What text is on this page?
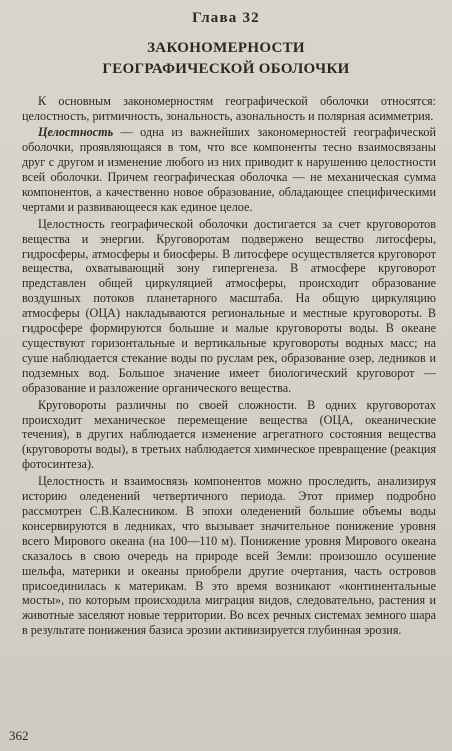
Глава 32
ЗАКОНОМЕРНОСТИ
ГЕОГРАФИЧЕСКОЙ ОБОЛОЧКИ

К основным закономерностям географической оболочки относятся: целостность, ритмичность, зональность, азональность и полярная асимметрия.

Целостность — одна из важнейших закономерностей географической оболочки, проявляющаяся в том, что все компоненты тесно взаимосвязаны друг с другом и изменение любого из них приводит к нарушению целостности всей оболочки. Причем географическая оболочка — не механическая сумма компонентов, а качественно новое образование, обладающее специфическими чертами и развивающееся как единое целое.

Целостность географической оболочки достигается за счет круговоротов вещества и энергии. Круговоротам подвержено вещество литосферы, гидросферы, атмосферы и биосферы. В литосфере осуществляется круговорот вещества, охватывающий зону гипергенеза. В атмосфере круговорот представлен общей циркуляцией атмосферы, происходит образование воздушных потоков планетарного масштаба. На общую циркуляцию атмосферы (ОЦА) накладываются региональные и местные круговороты. В гидросфере формируются большие и малые круговороты воды. В океане существуют горизонтальные и вертикальные круговороты водных масс; на суше наблюдается стекание воды по руслам рек, образование озер, ледников и подземных вод. Большое значение имеет биологический круговорот — образование и разложение органического вещества.

Круговороты различны по своей сложности. В одних круговоротах происходит механическое перемещение вещества (ОЦА, океанические течения), в других наблюдается изменение агрегатного состояния вещества (круговороты воды), в третьих наблюдается химическое превращение (реакция фотосинтеза).

Целостность и взаимосвязь компонентов можно проследить, анализируя историю оледенений четвертичного периода. Этот пример подробно рассмотрен С.В.Калесником. В эпохи оледенений большие объемы воды консервируются в ледниках, что вызывает значительное понижение уровня всего Мирового океана (на 100—110 м). Понижение уровня Мирового океана сказалось в свою очередь на природе всей Земли: произошло осушение шельфа, материки и океаны приобрели другие очертания, часть островов присоединилась к материкам. В это время возникают «континентальные мосты», по которым происходила миграция видов, следовательно, растения и животные заселяют новые территории. Во всех речных системах земного шара в результате понижения базиса эрозии активизируется глубинная эрозия.

362
